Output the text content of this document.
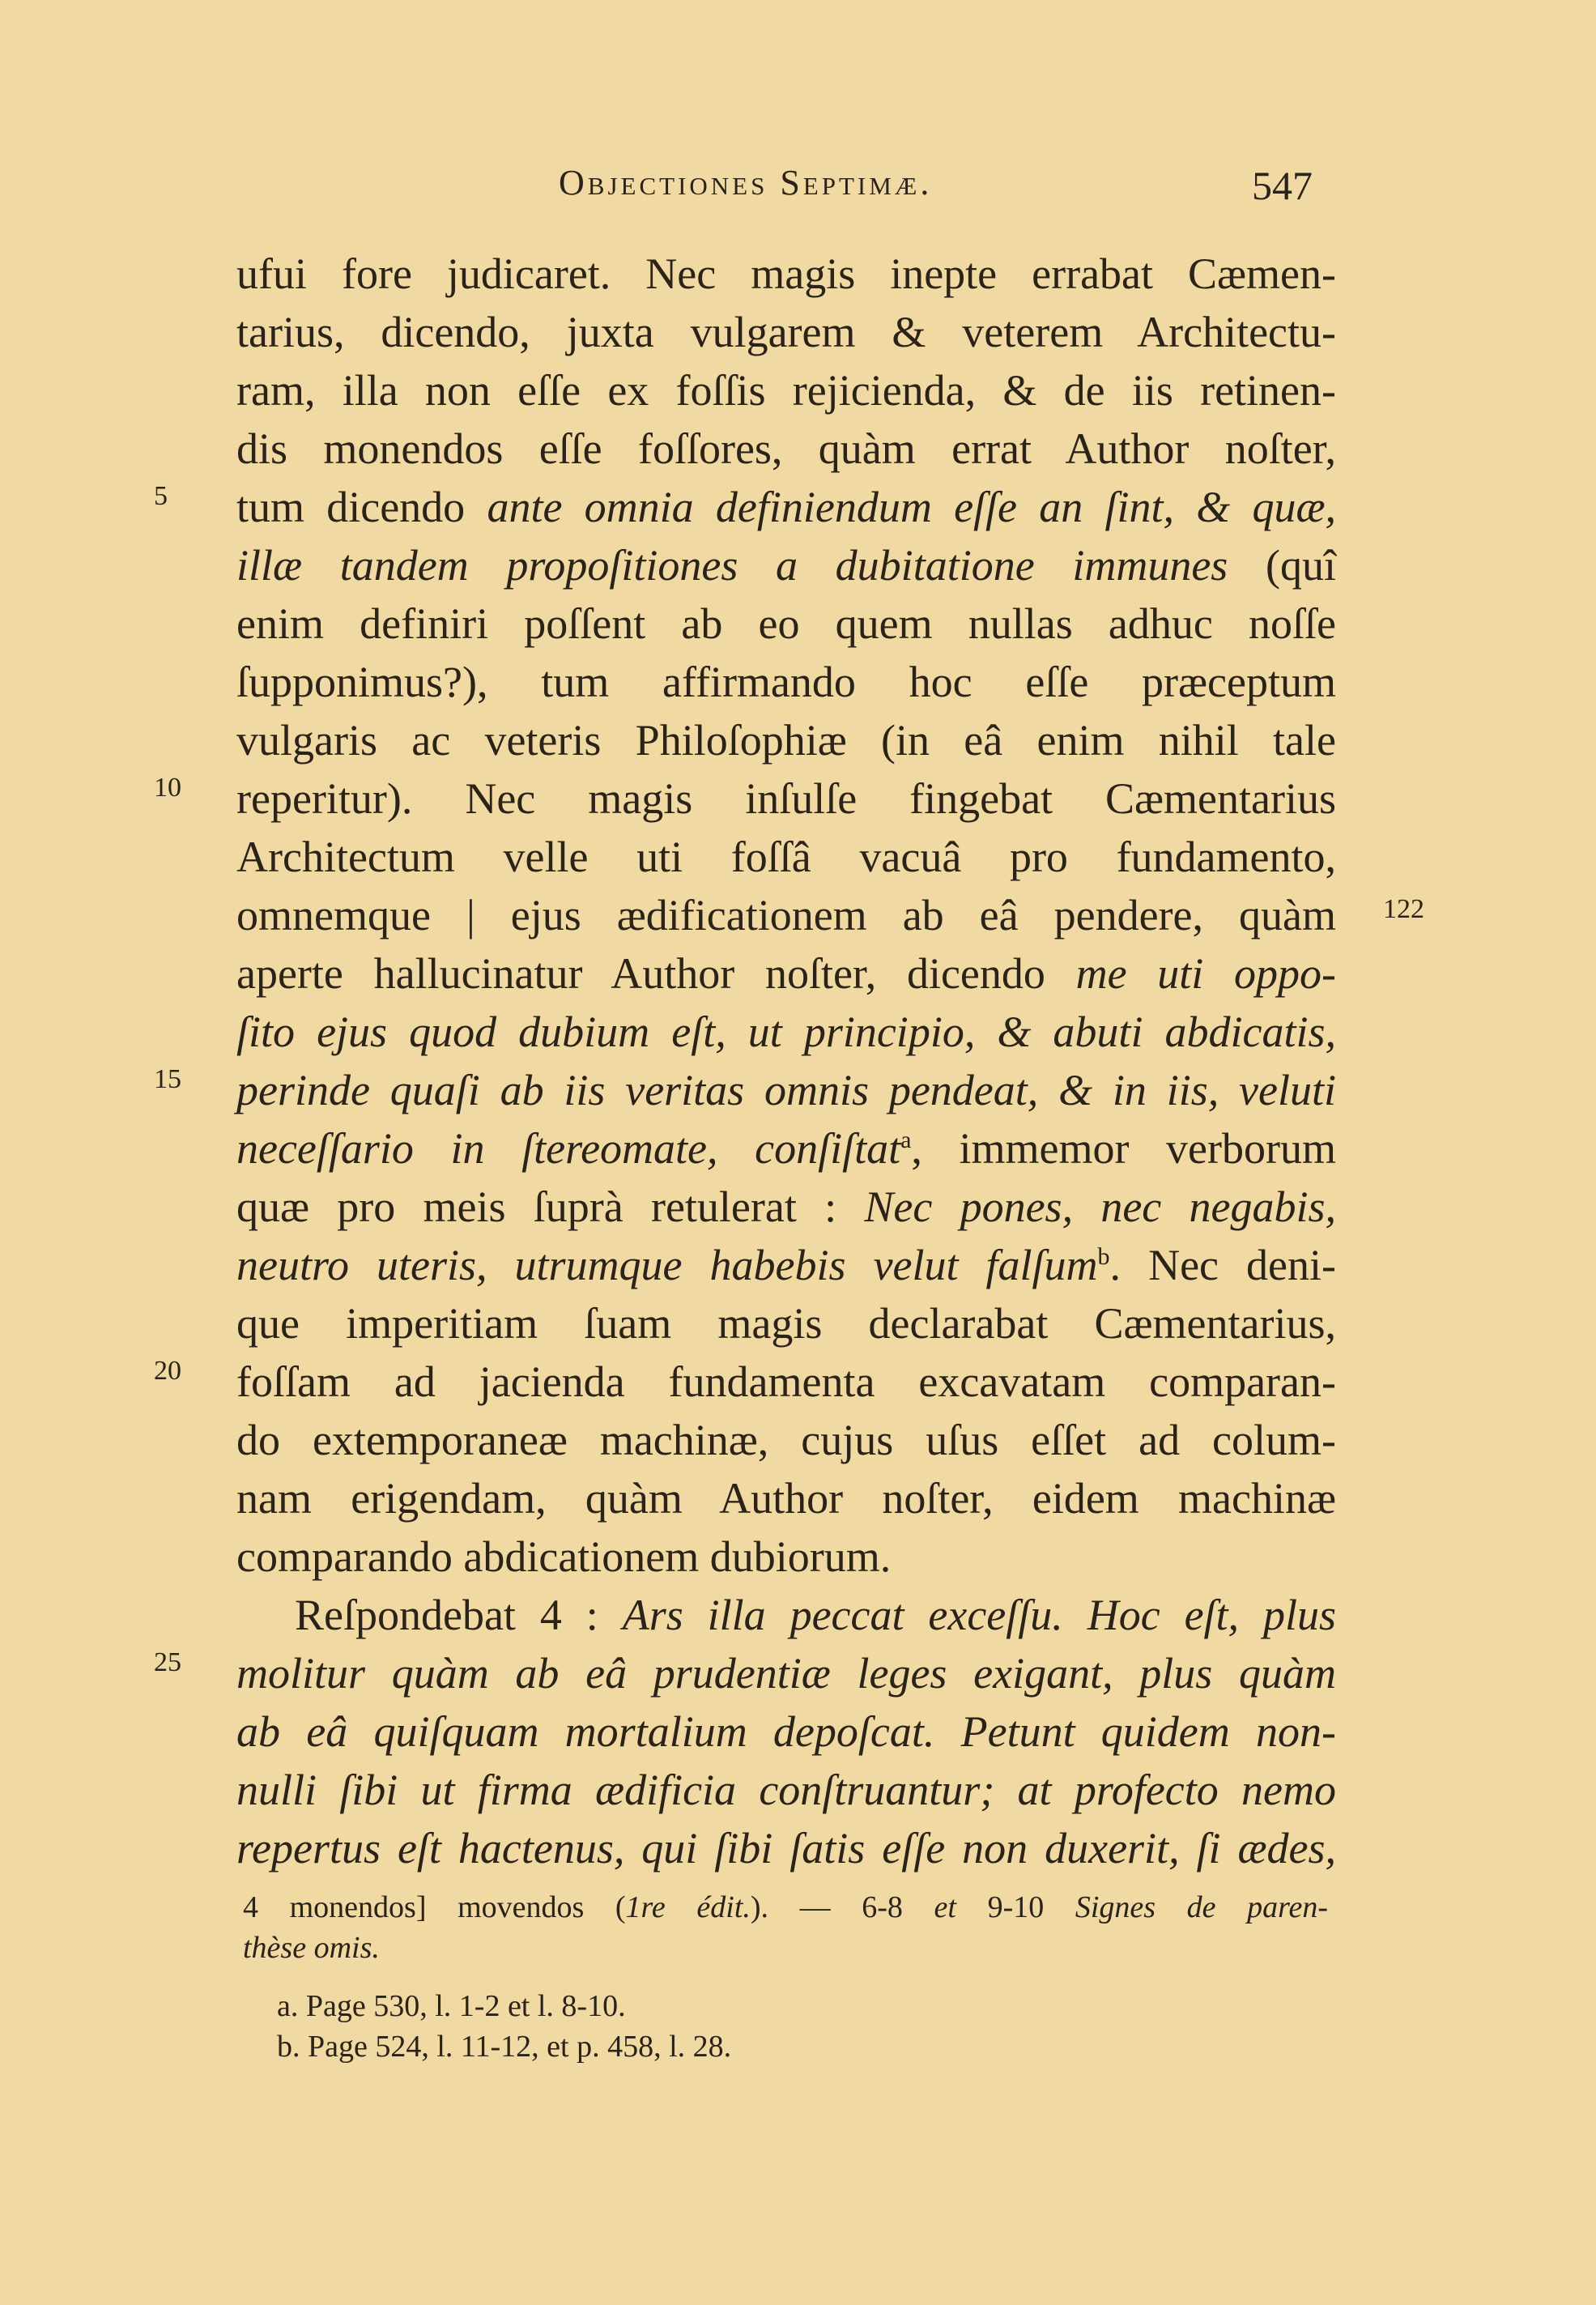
Objectiones Septimæ.	547
ufui fore judicaret. Nec magis inepte errabat Cæmen-
tarius, dicendo, juxta vulgarem & veterem Architectu-
ram, illa non eſſe ex foſſis rejicienda, & de iis retinen-
dis monendos eſſe foſſores, quàm errat Author noſter,
5	tum dicendo ante omnia definiendum eſſe an ſint, & quæ,
illæ tandem propoſitiones a dubitatione immunes (quî
enim definiri poſſent ab eo quem nullas adhuc noſſe
ſupponimus?), tum affirmando hoc eſſe præceptum
vulgaris ac veteris Philoſophiæ (in eâ enim nihil tale
10	reperitur). Nec magis inſulſe fingebat Cæmentarius
Architectum velle uti foſſâ vacuâ pro fundamento,
omnemque | ejus ædificationem ab eâ pendere, quàm 122
aperte hallucinatur Author noſter, dicendo me uti oppo-
ſito ejus quod dubium eſt, ut principio, & abuti abdicatis,
15	perinde quaſi ab iis veritas omnis pendeat, & in iis, veluti
neceſſario in ſtereomate, conſiſtat$^a$, immemor verborum
quæ pro meis ſuprà retulerat : Nec pones, nec negabis,
neutro uteris, utrumque habebis velut falſum$^b$. Nec deni-
que imperitiam ſuam magis declarabat Cæmentarius,
20	foſſam ad jacienda fundamenta excavatam comparan-
do extemporaneæ machinæ, cujus uſus eſſet ad colum-
nam erigendam, quàm Author noſter, eidem machinæ
comparando abdicationem dubiorum.
Reſpondebat 4 : Ars illa peccat exceſſu. Hoc eſt, plus
25	molitur quàm ab eâ prudentiæ leges exigant, plus quàm
ab eâ quiſquam mortalium depoſcat. Petunt quidem non-
nulli ſibi ut firma ædificia conſtruantur; at profecto nemo
repertus eſt hactenus, qui ſibi ſatis eſſe non duxerit, ſi ædes,
4 monendos] movendos (1re édit.). — 6-8 et 9-10 Signes de paren-
thèse omis.
a. Page 530, l. 1-2 et l. 8-10.
b. Page 524, l. 11-12, et p. 458, l. 28.
